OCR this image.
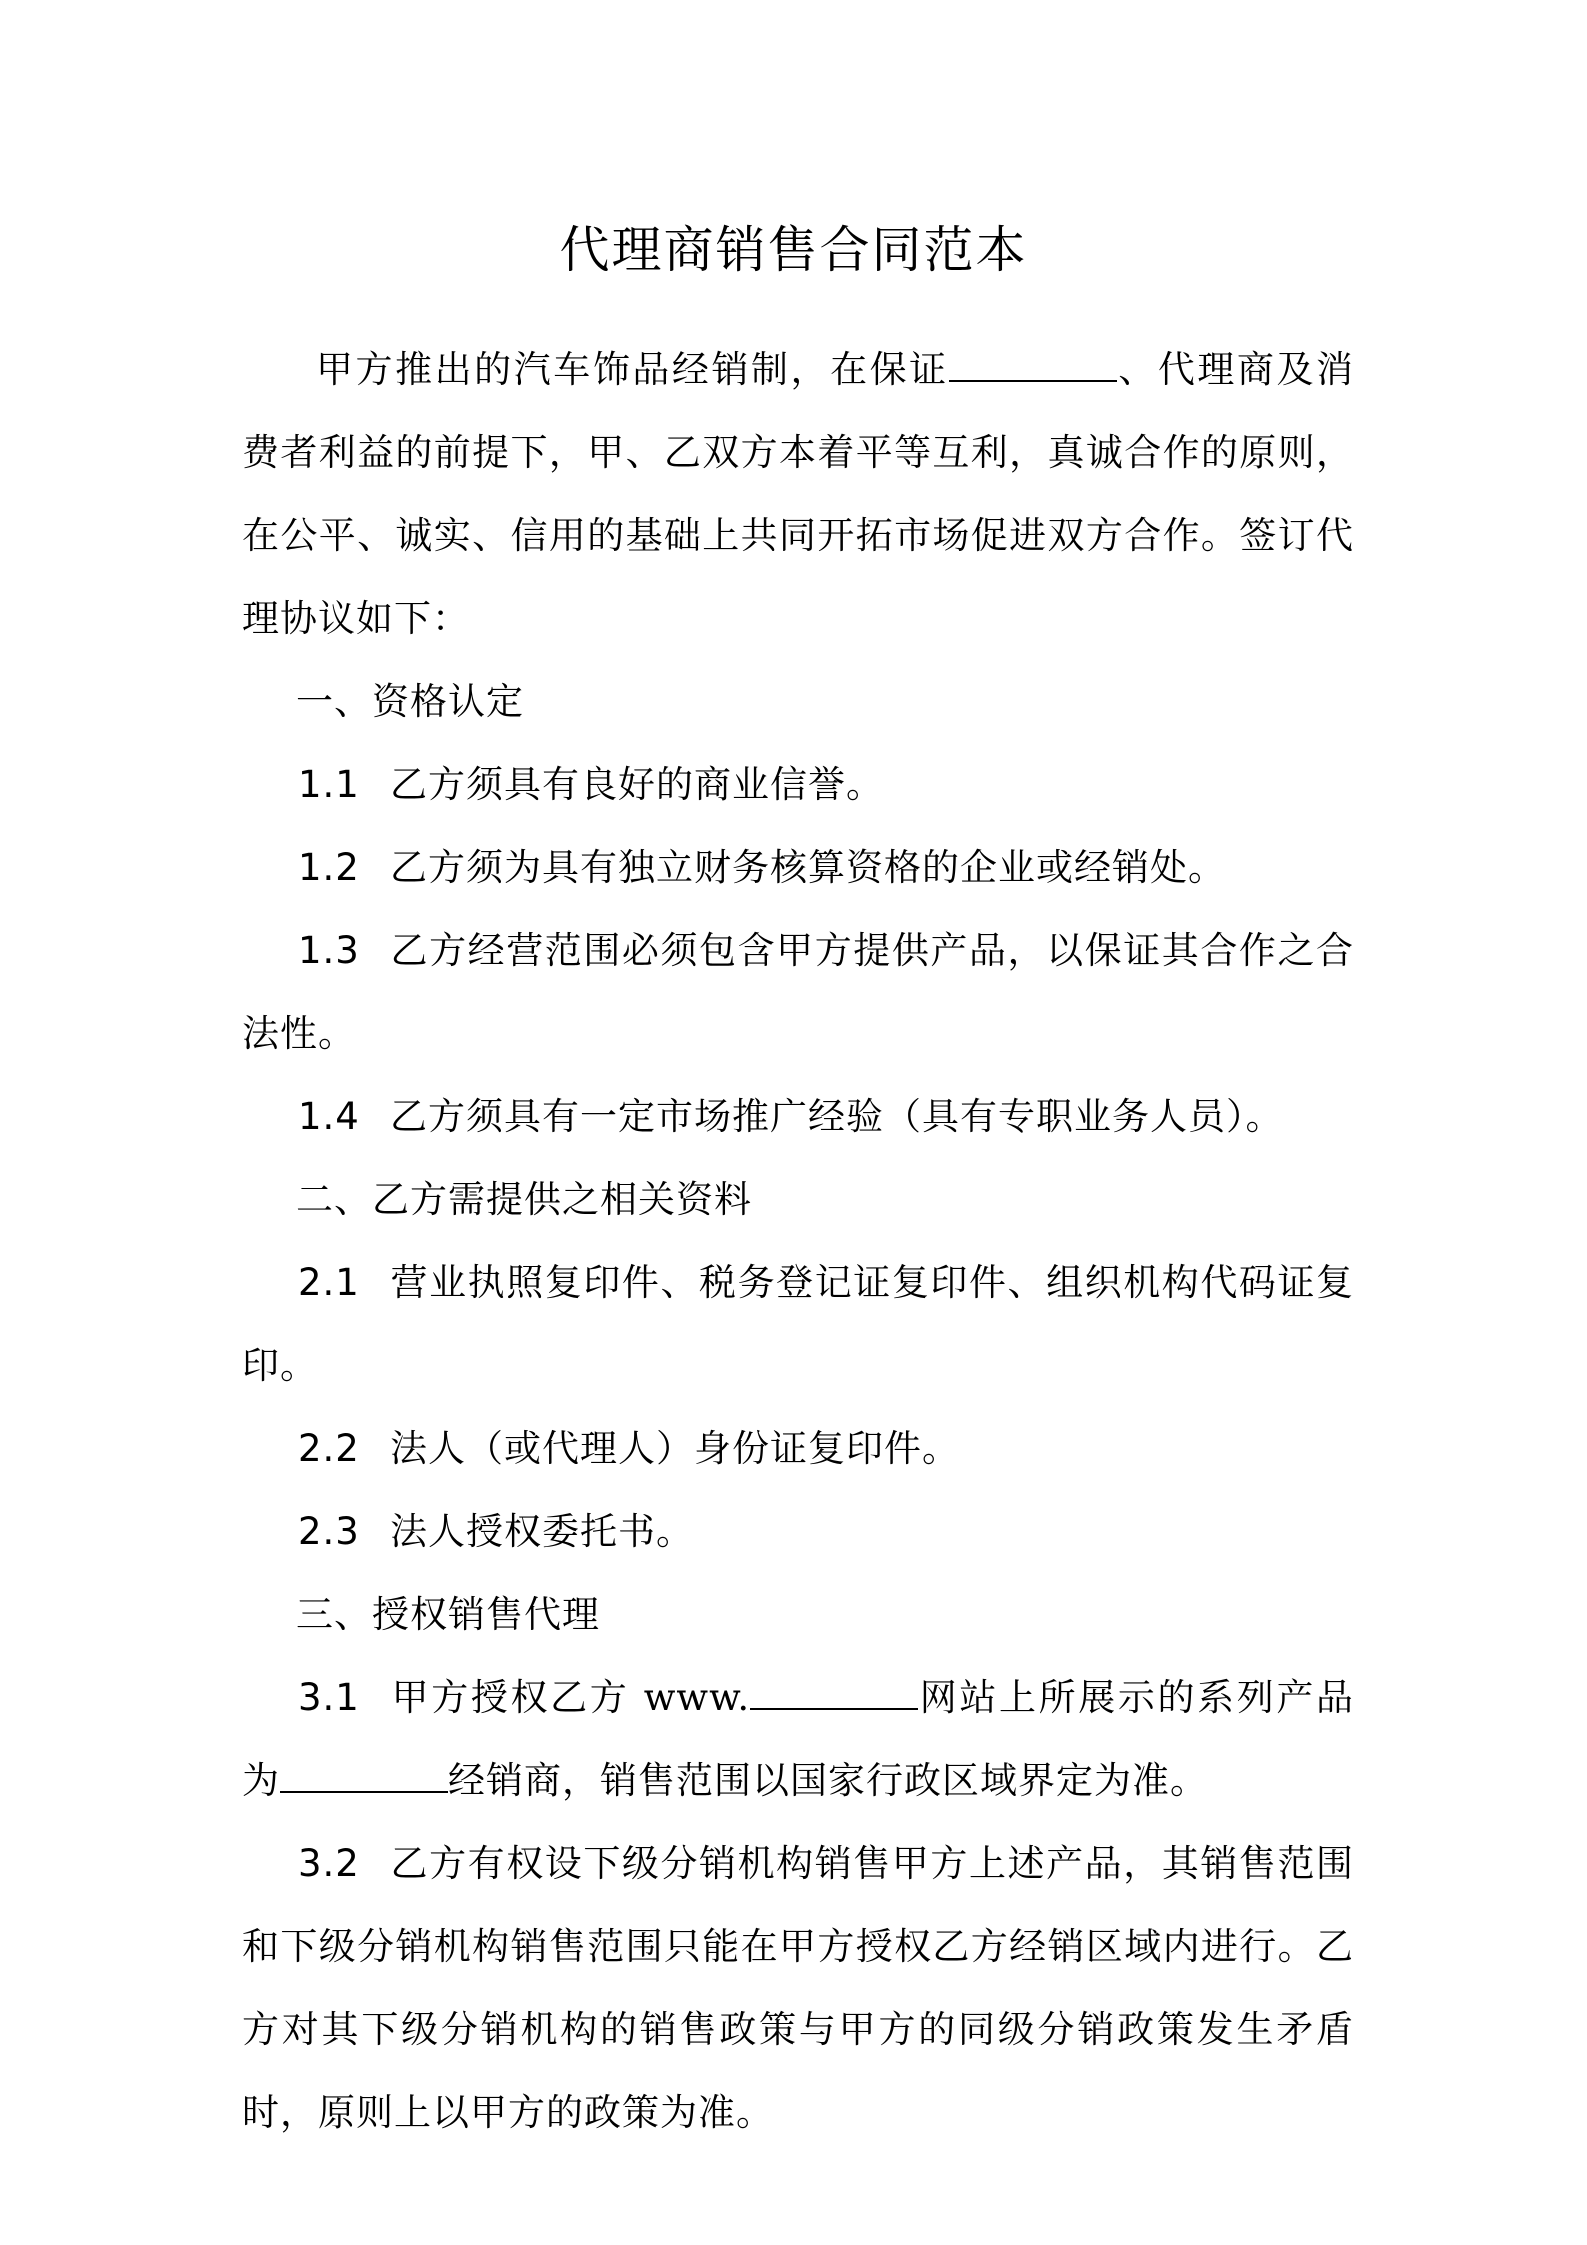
代理商销售合同范本

甲方推出的汽车饰品经销制，在保证	、代理商及消费者利益的前提下，甲、乙双方本着平等互利，真诚合作的原则，在公平、诚实、信用的基础上共同开拓市场促进双方合作。签订代理协议如下：

一、资格认定

1.1 乙方须具有良好的商业信誉。

1.2 乙方须为具有独立财务核算资格的企业或经销处。

1.3 乙方经营范围必须包含甲方提供产品，以保证其合作之合法性。

1.4 乙方须具有一定市场推广经验（具有专职业务人员）。

二、乙方需提供之相关资料

2.1 营业执照复印件、税务登记证复印件、组织机构代码证复印。

2.2 法人（或代理人）身份证复印件。

2.3 法人授权委托书。

三、授权销售代理

3.1 甲方授权乙方 www.	网站上所展示的系列产品为	经销商，销售范围以国家行政区域界定为准。

3.2 乙方有权设下级分销机构销售甲方上述产品，其销售范围和下级分销机构销售范围只能在甲方授权乙方经销区域内进行。乙方对其下级分销机构的销售政策与甲方的同级分销政策发生矛盾时，原则上以甲方的政策为准。
